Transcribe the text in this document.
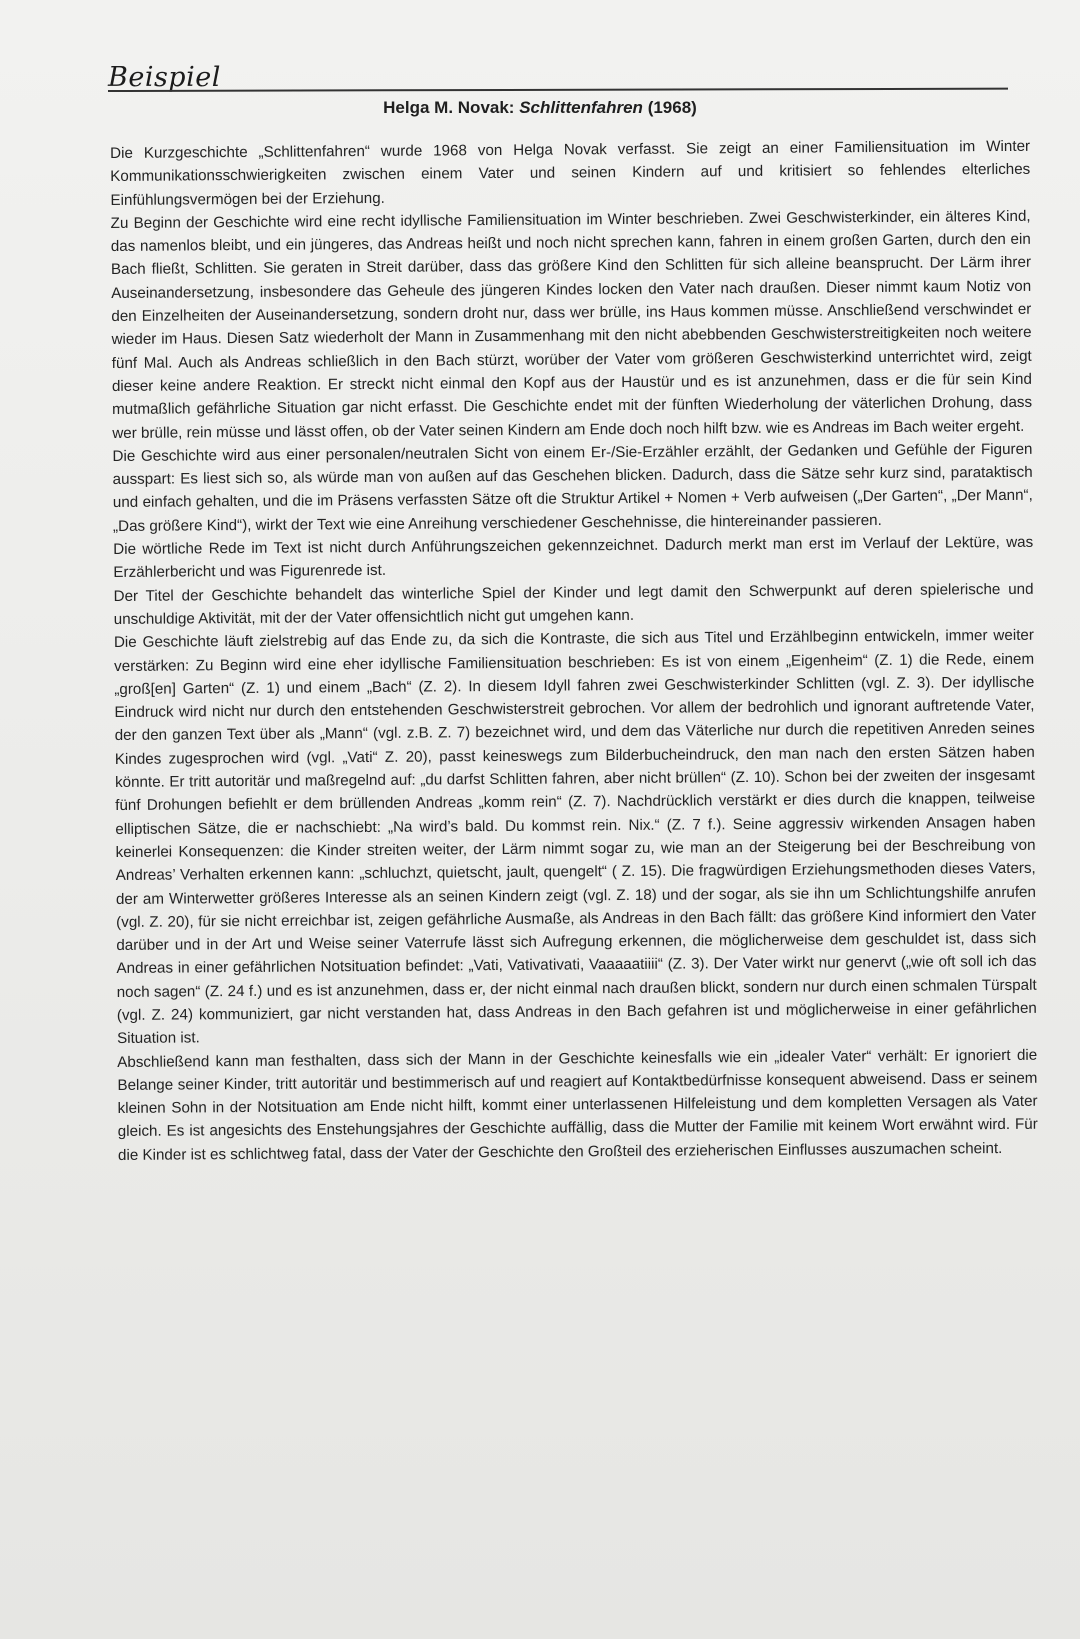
Beispiel
Helga M. Novak: Schlittenfahren (1968)

Die Kurzgeschichte „Schlittenfahren“ wurde 1968 von Helga Novak verfasst. Sie zeigt an einer Familiensituation im Winter Kommunikationsschwierigkeiten zwischen einem Vater und seinen Kindern auf und kritisiert so fehlendes elterliches Einfühlungsvermögen bei der Erziehung.

Zu Beginn der Geschichte wird eine recht idyllische Familiensituation im Winter beschrieben. Zwei Geschwisterkinder, ein älteres Kind, das namenlos bleibt, und ein jüngeres, das Andreas heißt und noch nicht sprechen kann, fahren in einem großen Garten, durch den ein Bach fließt, Schlitten. Sie geraten in Streit darüber, dass das größere Kind den Schlitten für sich alleine beansprucht. Der Lärm ihrer Auseinandersetzung, insbesondere das Geheule des jüngeren Kindes locken den Vater nach draußen. Dieser nimmt kaum Notiz von den Einzelheiten der Auseinandersetzung, sondern droht nur, dass wer brülle, ins Haus kommen müsse. Anschließend verschwindet er wieder im Haus. Diesen Satz wiederholt der Mann in Zusammenhang mit den nicht abebbenden Geschwisterstreitigkeiten noch weitere fünf Mal. Auch als Andreas schließlich in den Bach stürzt, worüber der Vater vom größeren Geschwisterkind unterrichtet wird, zeigt dieser keine andere Reaktion. Er streckt nicht einmal den Kopf aus der Haustür und es ist anzunehmen, dass er die für sein Kind mutmaßlich gefährliche Situation gar nicht erfasst. Die Geschichte endet mit der fünften Wiederholung der väterlichen Drohung, dass wer brülle, rein müsse und lässt offen, ob der Vater seinen Kindern am Ende doch noch hilft bzw. wie es Andreas im Bach weiter ergeht.

Die Geschichte wird aus einer personalen/neutralen Sicht von einem Er-/Sie-Erzähler erzählt, der Gedanken und Gefühle der Figuren ausspart: Es liest sich so, als würde man von außen auf das Geschehen blicken. Dadurch, dass die Sätze sehr kurz sind, parataktisch und einfach gehalten, und die im Präsens verfassten Sätze oft die Struktur Artikel + Nomen + Verb aufweisen („Der Garten“, „Der Mann“, „Das größere Kind“), wirkt der Text wie eine Anreihung verschiedener Geschehnisse, die hintereinander passieren.

Die wörtliche Rede im Text ist nicht durch Anführungszeichen gekennzeichnet. Dadurch merkt man erst im Verlauf der Lektüre, was Erzählerbericht und was Figurenrede ist.

Der Titel der Geschichte behandelt das winterliche Spiel der Kinder und legt damit den Schwerpunkt auf deren spielerische und unschuldige Aktivität, mit der der Vater offensichtlich nicht gut umgehen kann.

Die Geschichte läuft zielstrebig auf das Ende zu, da sich die Kontraste, die sich aus Titel und Erzählbeginn entwickeln, immer weiter verstärken: Zu Beginn wird eine eher idyllische Familiensituation beschrieben: Es ist von einem „Eigenheim“ (Z. 1) die Rede, einem „groß[en] Garten“ (Z. 1) und einem „Bach“ (Z. 2). In diesem Idyll fahren zwei Geschwisterkinder Schlitten (vgl. Z. 3). Der idyllische Eindruck wird nicht nur durch den entstehenden Geschwisterstreit gebrochen. Vor allem der bedrohlich und ignorant auftretende Vater, der den ganzen Text über als „Mann“ (vgl. z.B. Z. 7) bezeichnet wird, und dem das Väterliche nur durch die repetitiven Anreden seines Kindes zugesprochen wird (vgl. „Vati“ Z. 20), passt keineswegs zum Bilderbucheindruck, den man nach den ersten Sätzen haben könnte. Er tritt autoritär und maßregelnd auf: „du darfst Schlitten fahren, aber nicht brüllen“ (Z. 10). Schon bei der zweiten der insgesamt fünf Drohungen befiehlt er dem brüllenden Andreas „komm rein“ (Z. 7). Nachdrücklich verstärkt er dies durch die knappen, teilweise elliptischen Sätze, die er nachschiebt: „Na wird’s bald. Du kommst rein. Nix.“ (Z. 7 f.). Seine aggressiv wirkenden Ansagen haben keinerlei Konsequenzen: die Kinder streiten weiter, der Lärm nimmt sogar zu, wie man an der Steigerung bei der Beschreibung von Andreas’ Verhalten erkennen kann: „schluchzt, quietscht, jault, quengelt“ ( Z. 15). Die fragwürdigen Erziehungsmethoden dieses Vaters, der am Winterwetter größeres Interesse als an seinen Kindern zeigt (vgl. Z. 18) und der sogar, als sie ihn um Schlichtungshilfe anrufen (vgl. Z. 20), für sie nicht erreichbar ist, zeigen gefährliche Ausmaße, als Andreas in den Bach fällt: das größere Kind informiert den Vater darüber und in der Art und Weise seiner Vaterrufe lässt sich Aufregung erkennen, die möglicherweise dem geschuldet ist, dass sich Andreas in einer gefährlichen Notsituation befindet: „Vati, Vativativati, Vaaaaatiiii“ (Z. 3). Der Vater wirkt nur genervt („wie oft soll ich das noch sagen“ (Z. 24 f.) und es ist anzunehmen, dass er, der nicht einmal nach draußen blickt, sondern nur durch einen schmalen Türspalt (vgl. Z. 24) kommuniziert, gar nicht verstanden hat, dass Andreas in den Bach gefahren ist und möglicherweise in einer gefährlichen Situation ist.

Abschließend kann man festhalten, dass sich der Mann in der Geschichte keinesfalls wie ein „idealer Vater“ verhält: Er ignoriert die Belange seiner Kinder, tritt autoritär und bestimmerisch auf und reagiert auf Kontaktbedürfnisse konsequent abweisend. Dass er seinem kleinen Sohn in der Notsituation am Ende nicht hilft, kommt einer unterlassenen Hilfeleistung und dem kompletten Versagen als Vater gleich. Es ist angesichts des Enstehungsjahres der Geschichte auffällig, dass die Mutter der Familie mit keinem Wort erwähnt wird. Für die Kinder ist es schlichtweg fatal, dass der Vater der Geschichte den Großteil des erzieherischen Einflusses auszumachen scheint.
